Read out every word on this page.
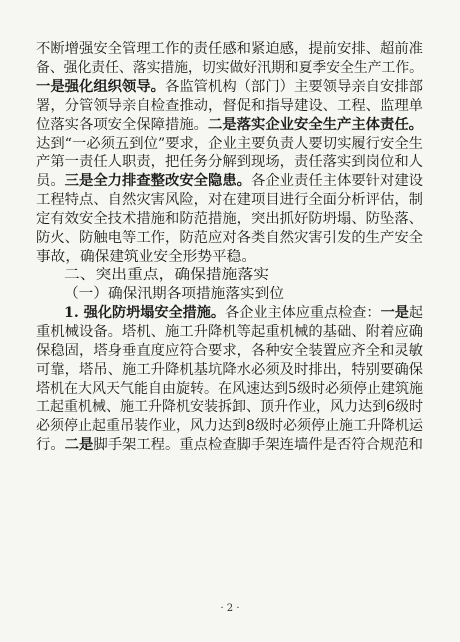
不断增强安全管理工作的责任感和紧迫感，提前安排、超前准
备、强化责任、落实措施，切实做好汛期和夏季安全生产工作。
一是强化组织领导。各监管机构（部门）主要领导亲自安排部
署，分管领导亲自检查推动，督促和指导建设、工程、监理单
位落实各项安全保障措施。二是落实企业安全生产主体责任。
达到“一必须五到位”要求，企业主要负责人要切实履行安全生
产第一责任人职责，把任务分解到现场，责任落实到岗位和人
员。三是全力排查整改安全隐患。各企业责任主体要针对建设
工程特点、自然灾害风险，对在建项目进行全面分析评估，制
定有效安全技术措施和防范措施，突出抓好防坍塌、防坠落、
防火、防触电等工作，防范应对各类自然灾害引发的生产安全
事故，确保建筑业安全形势平稳。
二、突出重点，确保措施落实
（一）确保汛期各项措施落实到位
1. 强化防坍塌安全措施。各企业主体应重点检查：一是起
重机械设备。塔机、施工升降机等起重机械的基础、附着应确
保稳固，塔身垂直度应符合要求，各种安全装置应齐全和灵敏
可靠，塔吊、施工升降机基坑降水必须及时排出，特别要确保
塔机在大风天气能自由旋转。在风速达到5级时必须停止建筑施
工起重机械、施工升降机安装拆卸、顶升作业，风力达到6级时
必须停止起重吊装作业，风力达到8级时必须停止施工升降机运
行。二是脚手架工程。重点检查脚手架连墙件是否符合规范和
· 2 ·
